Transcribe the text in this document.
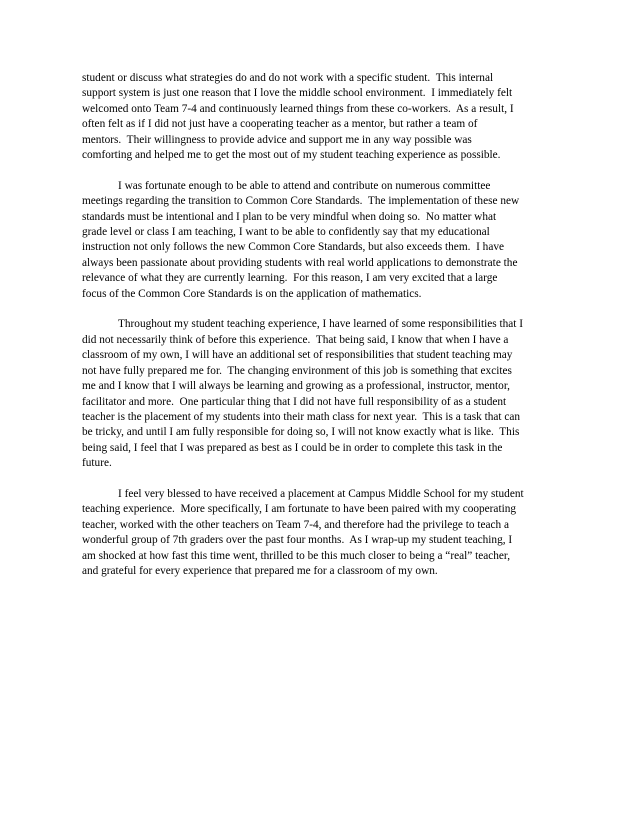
student or discuss what strategies do and do not work with a specific student.  This internal
support system is just one reason that I love the middle school environment.  I immediately felt
welcomed onto Team 7-4 and continuously learned things from these co-workers.  As a result, I
often felt as if I did not just have a cooperating teacher as a mentor, but rather a team of
mentors.  Their willingness to provide advice and support me in any way possible was
comforting and helped me to get the most out of my student teaching experience as possible.

I was fortunate enough to be able to attend and contribute on numerous committee
meetings regarding the transition to Common Core Standards.  The implementation of these new
standards must be intentional and I plan to be very mindful when doing so.  No matter what
grade level or class I am teaching, I want to be able to confidently say that my educational
instruction not only follows the new Common Core Standards, but also exceeds them.  I have
always been passionate about providing students with real world applications to demonstrate the
relevance of what they are currently learning.  For this reason, I am very excited that a large
focus of the Common Core Standards is on the application of mathematics.

Throughout my student teaching experience, I have learned of some responsibilities that I
did not necessarily think of before this experience.  That being said, I know that when I have a
classroom of my own, I will have an additional set of responsibilities that student teaching may
not have fully prepared me for.  The changing environment of this job is something that excites
me and I know that I will always be learning and growing as a professional, instructor, mentor,
facilitator and more.  One particular thing that I did not have full responsibility of as a student
teacher is the placement of my students into their math class for next year.  This is a task that can
be tricky, and until I am fully responsible for doing so, I will not know exactly what is like.  This
being said, I feel that I was prepared as best as I could be in order to complete this task in the
future.

I feel very blessed to have received a placement at Campus Middle School for my student
teaching experience.  More specifically, I am fortunate to have been paired with my cooperating
teacher, worked with the other teachers on Team 7-4, and therefore had the privilege to teach a
wonderful group of 7th graders over the past four months.  As I wrap-up my student teaching, I
am shocked at how fast this time went, thrilled to be this much closer to being a “real” teacher,
and grateful for every experience that prepared me for a classroom of my own.
